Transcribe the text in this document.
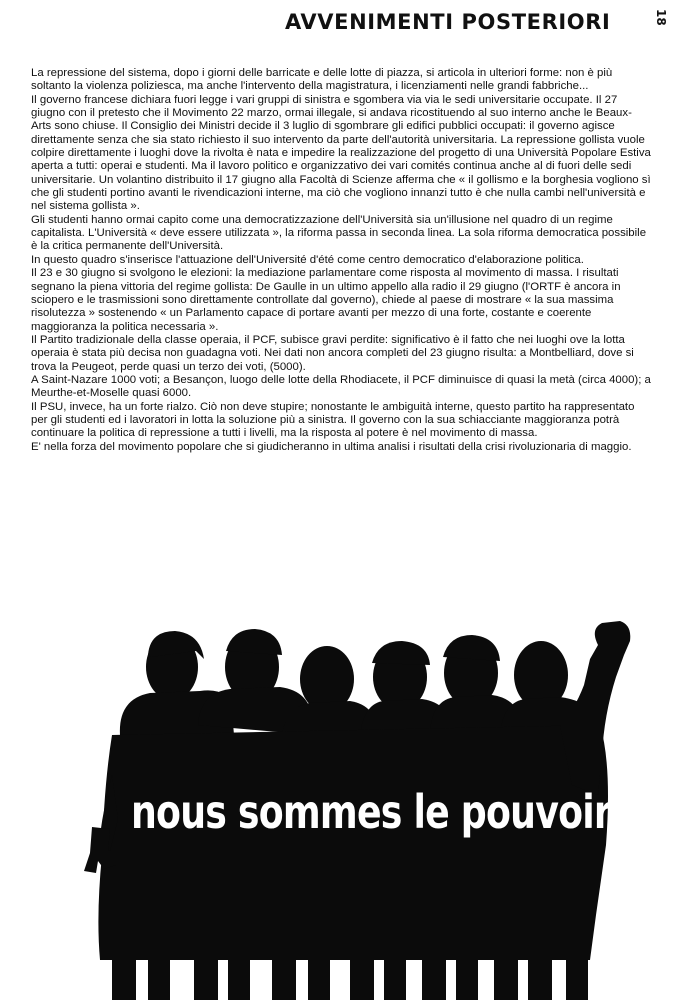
AVVENIMENTI POSTERIORI	18

La repressione del sistema, dopo i giorni delle barricate e delle lotte di piazza, si articola in ulteriori forme: non è più soltanto la violenza poliziesca, ma anche l'intervento della magistratura, i licenziamenti nelle grandi fabbriche...

Il governo francese dichiara fuori legge i vari gruppi di sinistra e sgombera via via le sedi universitarie occupate. Il 27 giugno con il pretesto che il Movimento 22 marzo, ormai illegale, si andava ricostituendo al suo interno anche le Beaux-Arts sono chiuse. Il Consiglio dei Ministri decide il 3 luglio di sgombrare gli edifici pubblici occupati: il governo agisce direttamente senza che sia stato richiesto il suo intervento da parte dell'autorità universitaria. La repressione gollista vuole colpire direttamente i luoghi dove la rivolta è nata e impedire la realizzazione del progetto di una Università Popolare Estiva aperta a tutti: operai e studenti. Ma il lavoro politico e organizzativo dei vari comités continua anche al di fuori delle sedi universitarie. Un volantino distribuito il 17 giugno alla Facoltà di Scienze afferma che « il gollismo e la borghesia vogliono sì che gli studenti portino avanti le rivendicazioni interne, ma ciò che vogliono innanzi tutto è che nulla cambi nell'università e nel sistema gollista ».

Gli studenti hanno ormai capito come una democratizzazione dell'Università sia un'illusione nel quadro di un regime capitalista. L'Università « deve essere utilizzata », la riforma passa in seconda linea. La sola riforma democratica possibile è la critica permanente dell'Università.

In questo quadro s'inserisce l'attuazione dell'Université d'été come centro democratico d'elaborazione politica.

Il 23 e 30 giugno si svolgono le elezioni: la mediazione parlamentare come risposta al movimento di massa. I risultati segnano la piena vittoria del regime gollista: De Gaulle in un ultimo appello alla radio il 29 giugno (l'ORTF è ancora in sciopero e le trasmissioni sono direttamente controllate dal governo), chiede al paese di mostrare « la sua massima risolutezza » sostenendo « un Parlamento capace di portare avanti per mezzo di una forte, costante e coerente maggioranza la politica necessaria ».

Il Partito tradizionale della classe operaia, il PCF, subisce gravi perdite: significativo è il fatto che nei luoghi ove la lotta operaia è stata più decisa non guadagna voti. Nei dati non ancora completi del 23 giugno risulta: a Montbelliard, dove si trova la Peugeot, perde quasi un terzo dei voti, (5000).

A Saint-Nazare 1000 voti; a Besançon, luogo delle lotte della Rhodiacete, il PCF diminuisce di quasi la metà (circa 4000); a Meurthe-et-Moselle quasi 6000.

Il PSU, invece, ha un forte rialzo. Ciò non deve stupire; nonostante le ambiguità interne, questo partito ha rappresentato per gli studenti ed i lavoratori in lotta la soluzione più a sinistra. Il governo con la sua schiacciante maggioranza potrà continuare la politica di repressione a tutti i livelli, ma la risposta al potere è nel movimento di massa.

E' nella forza del movimento popolare che si giudicheranno in ultima analisi i risultati della crisi rivoluzionaria di maggio.

nous sommes le pouvoir
